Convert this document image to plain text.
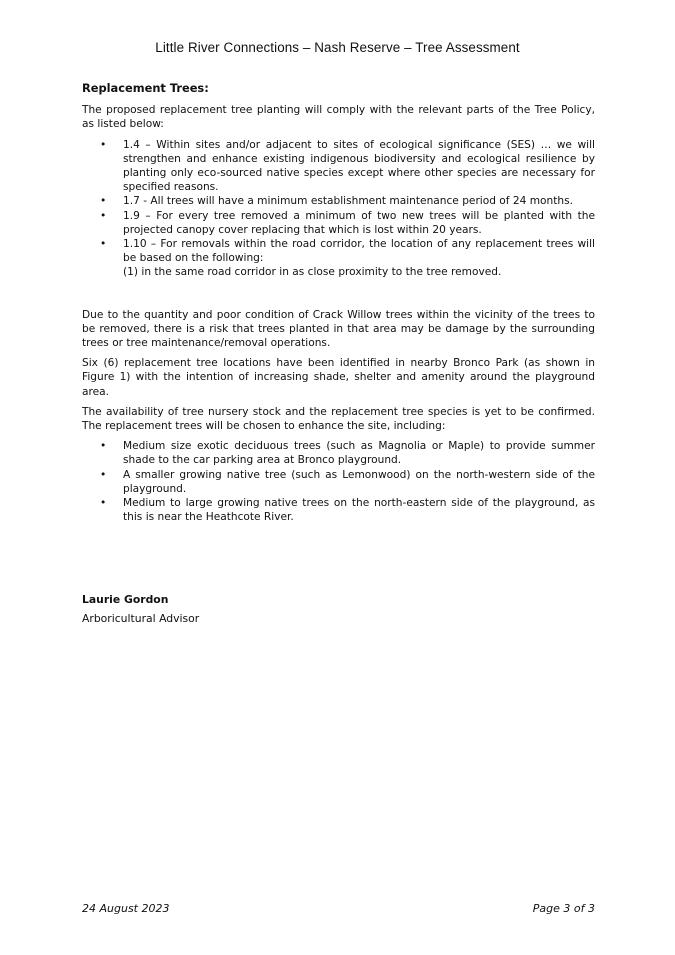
Little River Connections – Nash Reserve – Tree Assessment
Replacement Trees:

The proposed replacement tree planting will comply with the relevant parts of the Tree Policy, as listed below:

• 1.4 – Within sites and/or adjacent to sites of ecological significance (SES) … we will strengthen and enhance existing indigenous biodiversity and ecological resilience by planting only eco-sourced native species except where other species are necessary for specified reasons.
• 1.7 - All trees will have a minimum establishment maintenance period of 24 months.
• 1.9 – For every tree removed a minimum of two new trees will be planted with the projected canopy cover replacing that which is lost within 20 years.
• 1.10 – For removals within the road corridor, the location of any replacement trees will be based on the following:
(1) in the same road corridor in as close proximity to the tree removed.

Due to the quantity and poor condition of Crack Willow trees within the vicinity of the trees to be removed, there is a risk that trees planted in that area may be damage by the surrounding trees or tree maintenance/removal operations.

Six (6) replacement tree locations have been identified in nearby Bronco Park (as shown in Figure 1) with the intention of increasing shade, shelter and amenity around the playground area.

The availability of tree nursery stock and the replacement tree species is yet to be confirmed. The replacement trees will be chosen to enhance the site, including:

• Medium size exotic deciduous trees (such as Magnolia or Maple) to provide summer shade to the car parking area at Bronco playground.
• A smaller growing native tree (such as Lemonwood) on the north-western side of the playground.
• Medium to large growing native trees on the north-eastern side of the playground, as this is near the Heathcote River.
Laurie Gordon
Arboricultural Advisor
24 August 2023	Page 3 of 3
